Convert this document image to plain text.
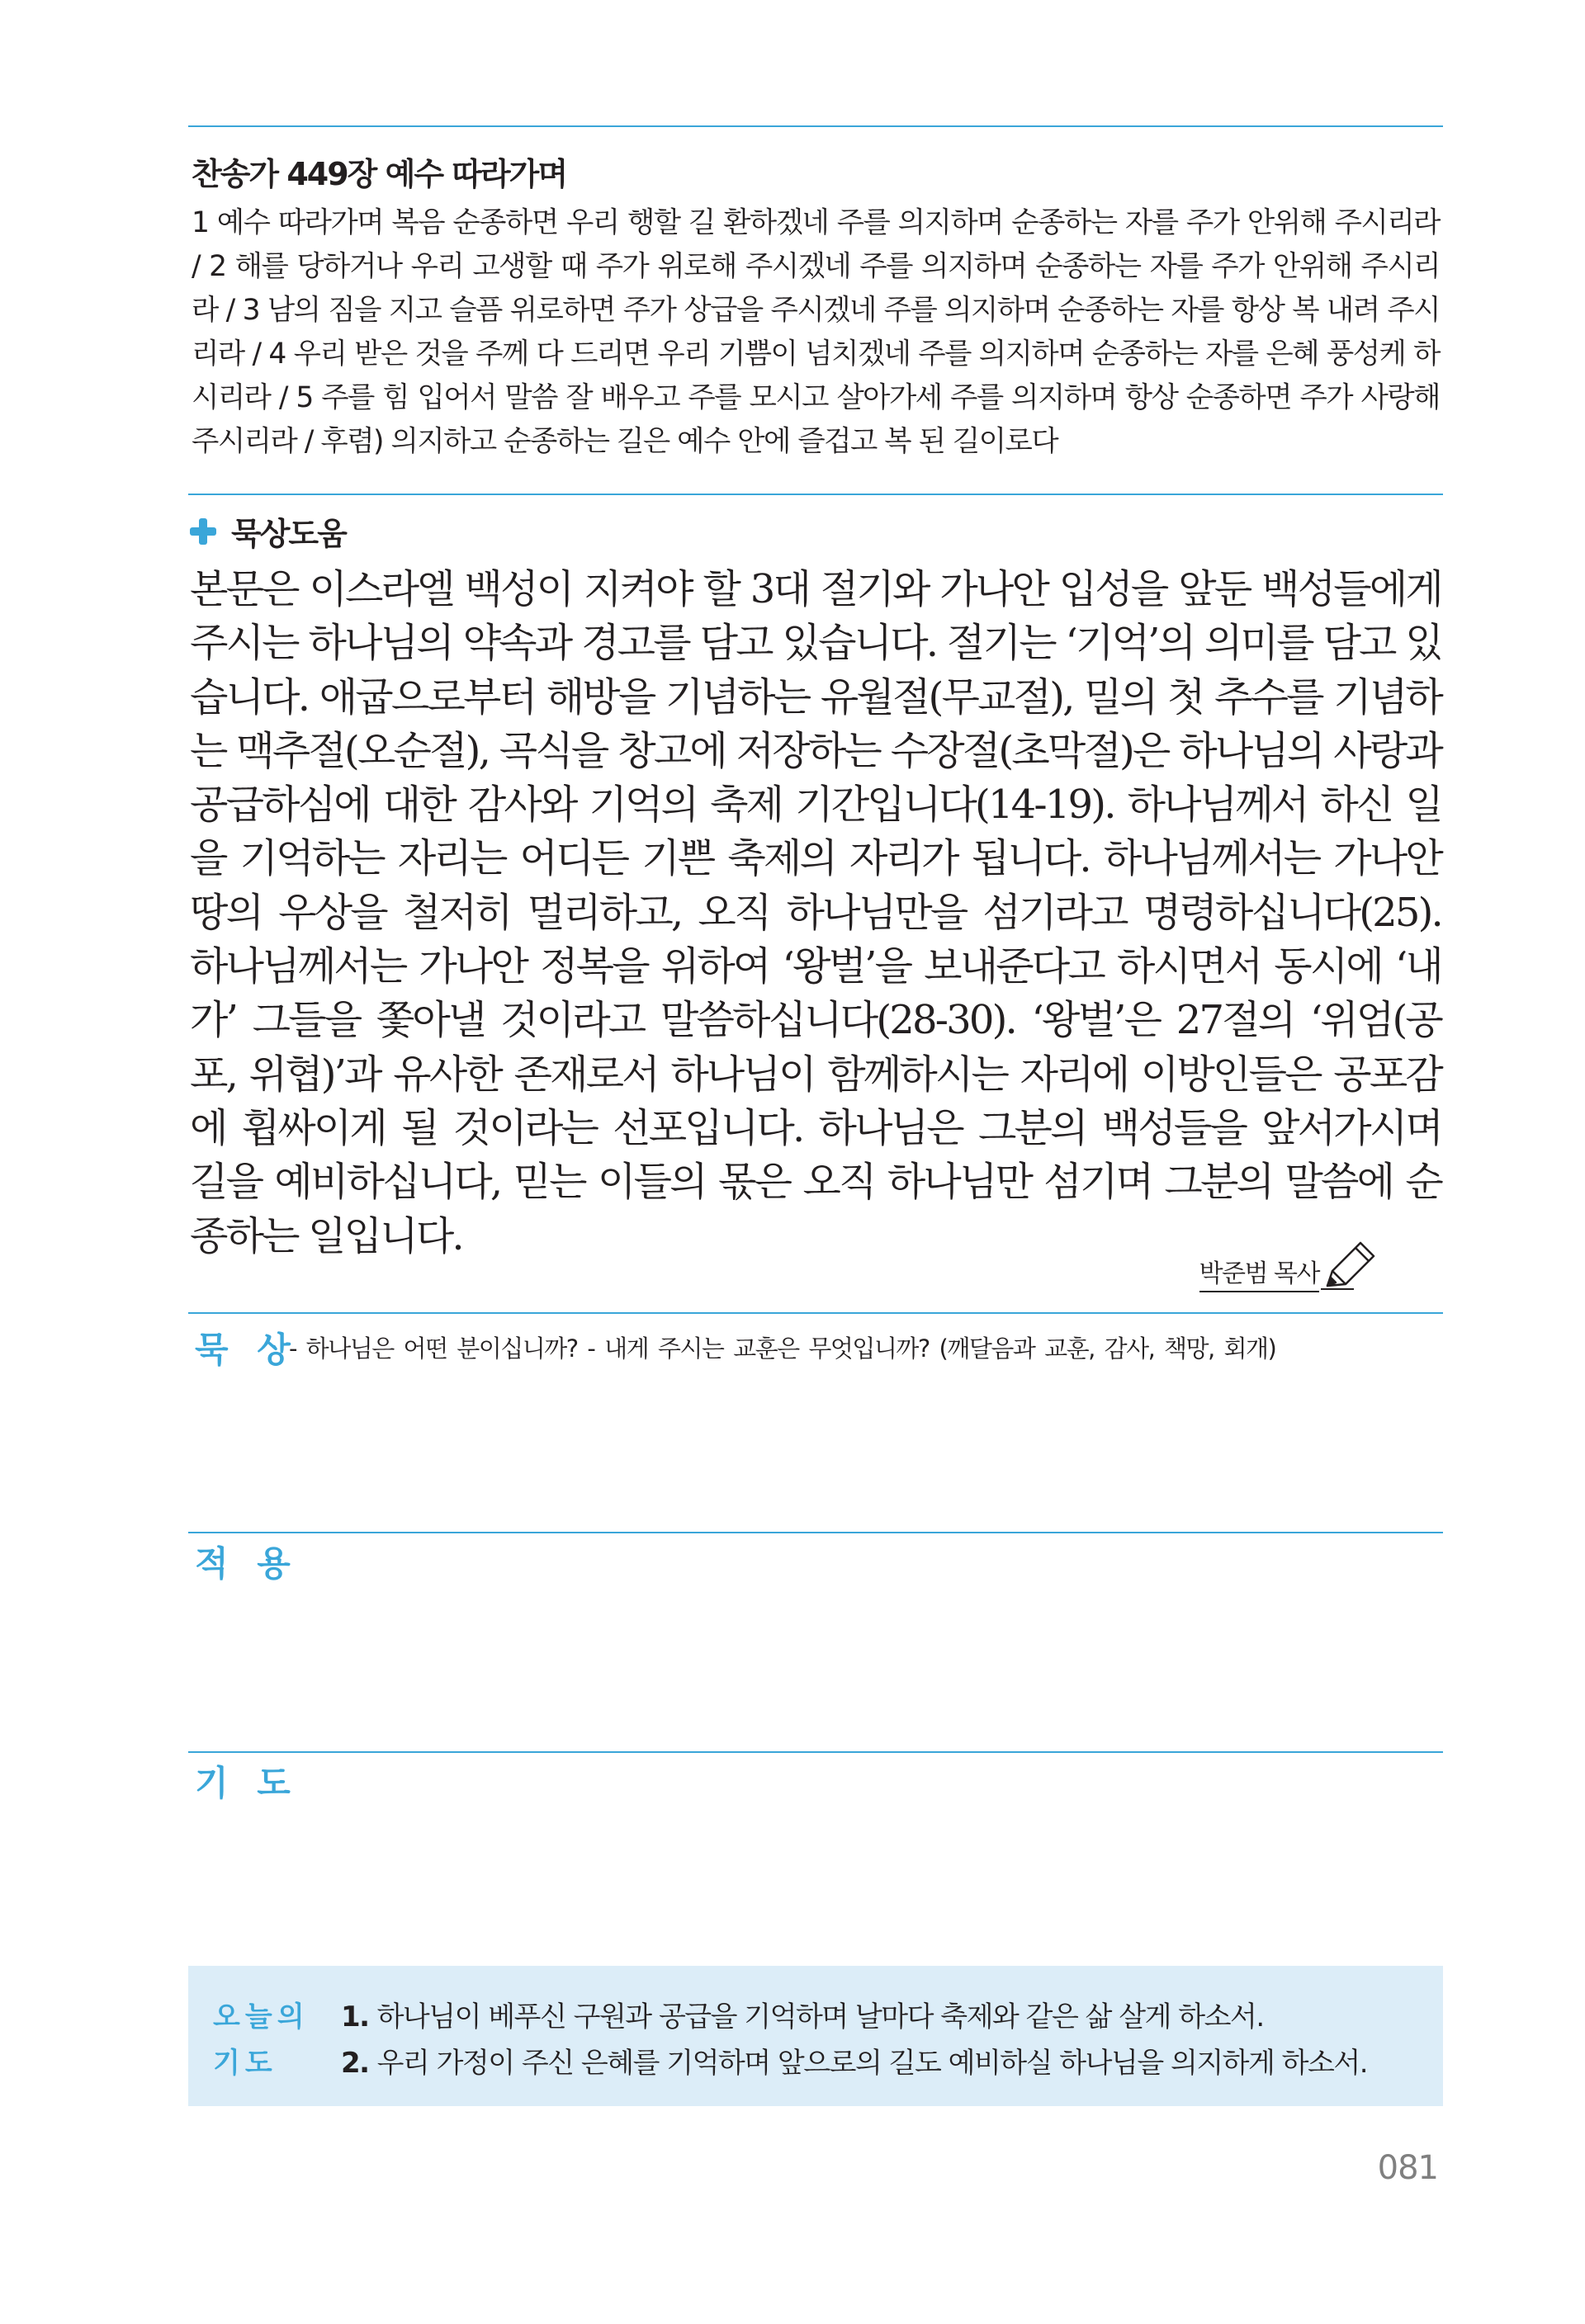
찬송가 449장 예수 따라가며
1 예수 따라가며 복음 순종하면 우리 행할 길 환하겠네 주를 의지하며 순종하는 자를 주가 안위해 주시리라 / 2 해를 당하거나 우리 고생할 때 주가 위로해 주시겠네 주를 의지하며 순종하는 자를 주가 안위해 주시리라 / 3 남의 짐을 지고 슬픔 위로하면 주가 상급을 주시겠네 주를 의지하며 순종하는 자를 항상 복 내려 주시리라 / 4 우리 받은 것을 주께 다 드리면 우리 기쁨이 넘치겠네 주를 의지하며 순종하는 자를 은혜 풍성케 하시리라 / 5 주를 힘 입어서 말씀 잘 배우고 주를 모시고 살아가세 주를 의지하며 항상 순종하면 주가 사랑해 주시리라 / 후렴) 의지하고 순종하는 길은 예수 안에 즐겁고 복 된 길이로다
묵상도움
본문은 이스라엘 백성이 지켜야 할 3대 절기와 가나안 입성을 앞둔 백성들에게 주시는 하나님의 약속과 경고를 담고 있습니다. 절기는 ‘기억’의 의미를 담고 있습니다. 애굽으로부터 해방을 기념하는 유월절(무교절), 밀의 첫 추수를 기념하는 맥추절(오순절), 곡식을 창고에 저장하는 수장절(초막절)은 하나님의 사랑과 공급하심에 대한 감사와 기억의 축제 기간입니다(14-19). 하나님께서 하신 일을 기억하는 자리는 어디든 기쁜 축제의 자리가 됩니다. 하나님께서는 가나안 땅의 우상을 철저히 멀리하고, 오직 하나님만을 섬기라고 명령하십니다(25). 하나님께서는 가나안 정복을 위하여 ‘왕벌’을 보내준다고 하시면서 동시에 ‘내가’ 그들을 쫓아낼 것이라고 말씀하십니다(28-30). ‘왕벌’은 27절의 ‘위엄(공포, 위협)’과 유사한 존재로서 하나님이 함께하시는 자리에 이방인들은 공포감에 휩싸이게 될 것이라는 선포입니다. 하나님은 그분의 백성들을 앞서가시며 길을 예비하십니다, 믿는 이들의 몫은 오직 하나님만 섬기며 그분의 말씀에 순종하는 일입니다.
박준범 목사
묵 상
- 하나님은 어떤 분이십니까? - 내게 주시는 교훈은 무엇입니까? (깨달음과 교훈, 감사, 책망, 회개)
적 용
기 도
오늘의
기도
1. 하나님이 베푸신 구원과 공급을 기억하며 날마다 축제와 같은 삶 살게 하소서.
2. 우리 가정이 주신 은혜를 기억하며 앞으로의 길도 예비하실 하나님을 의지하게 하소서.
081
